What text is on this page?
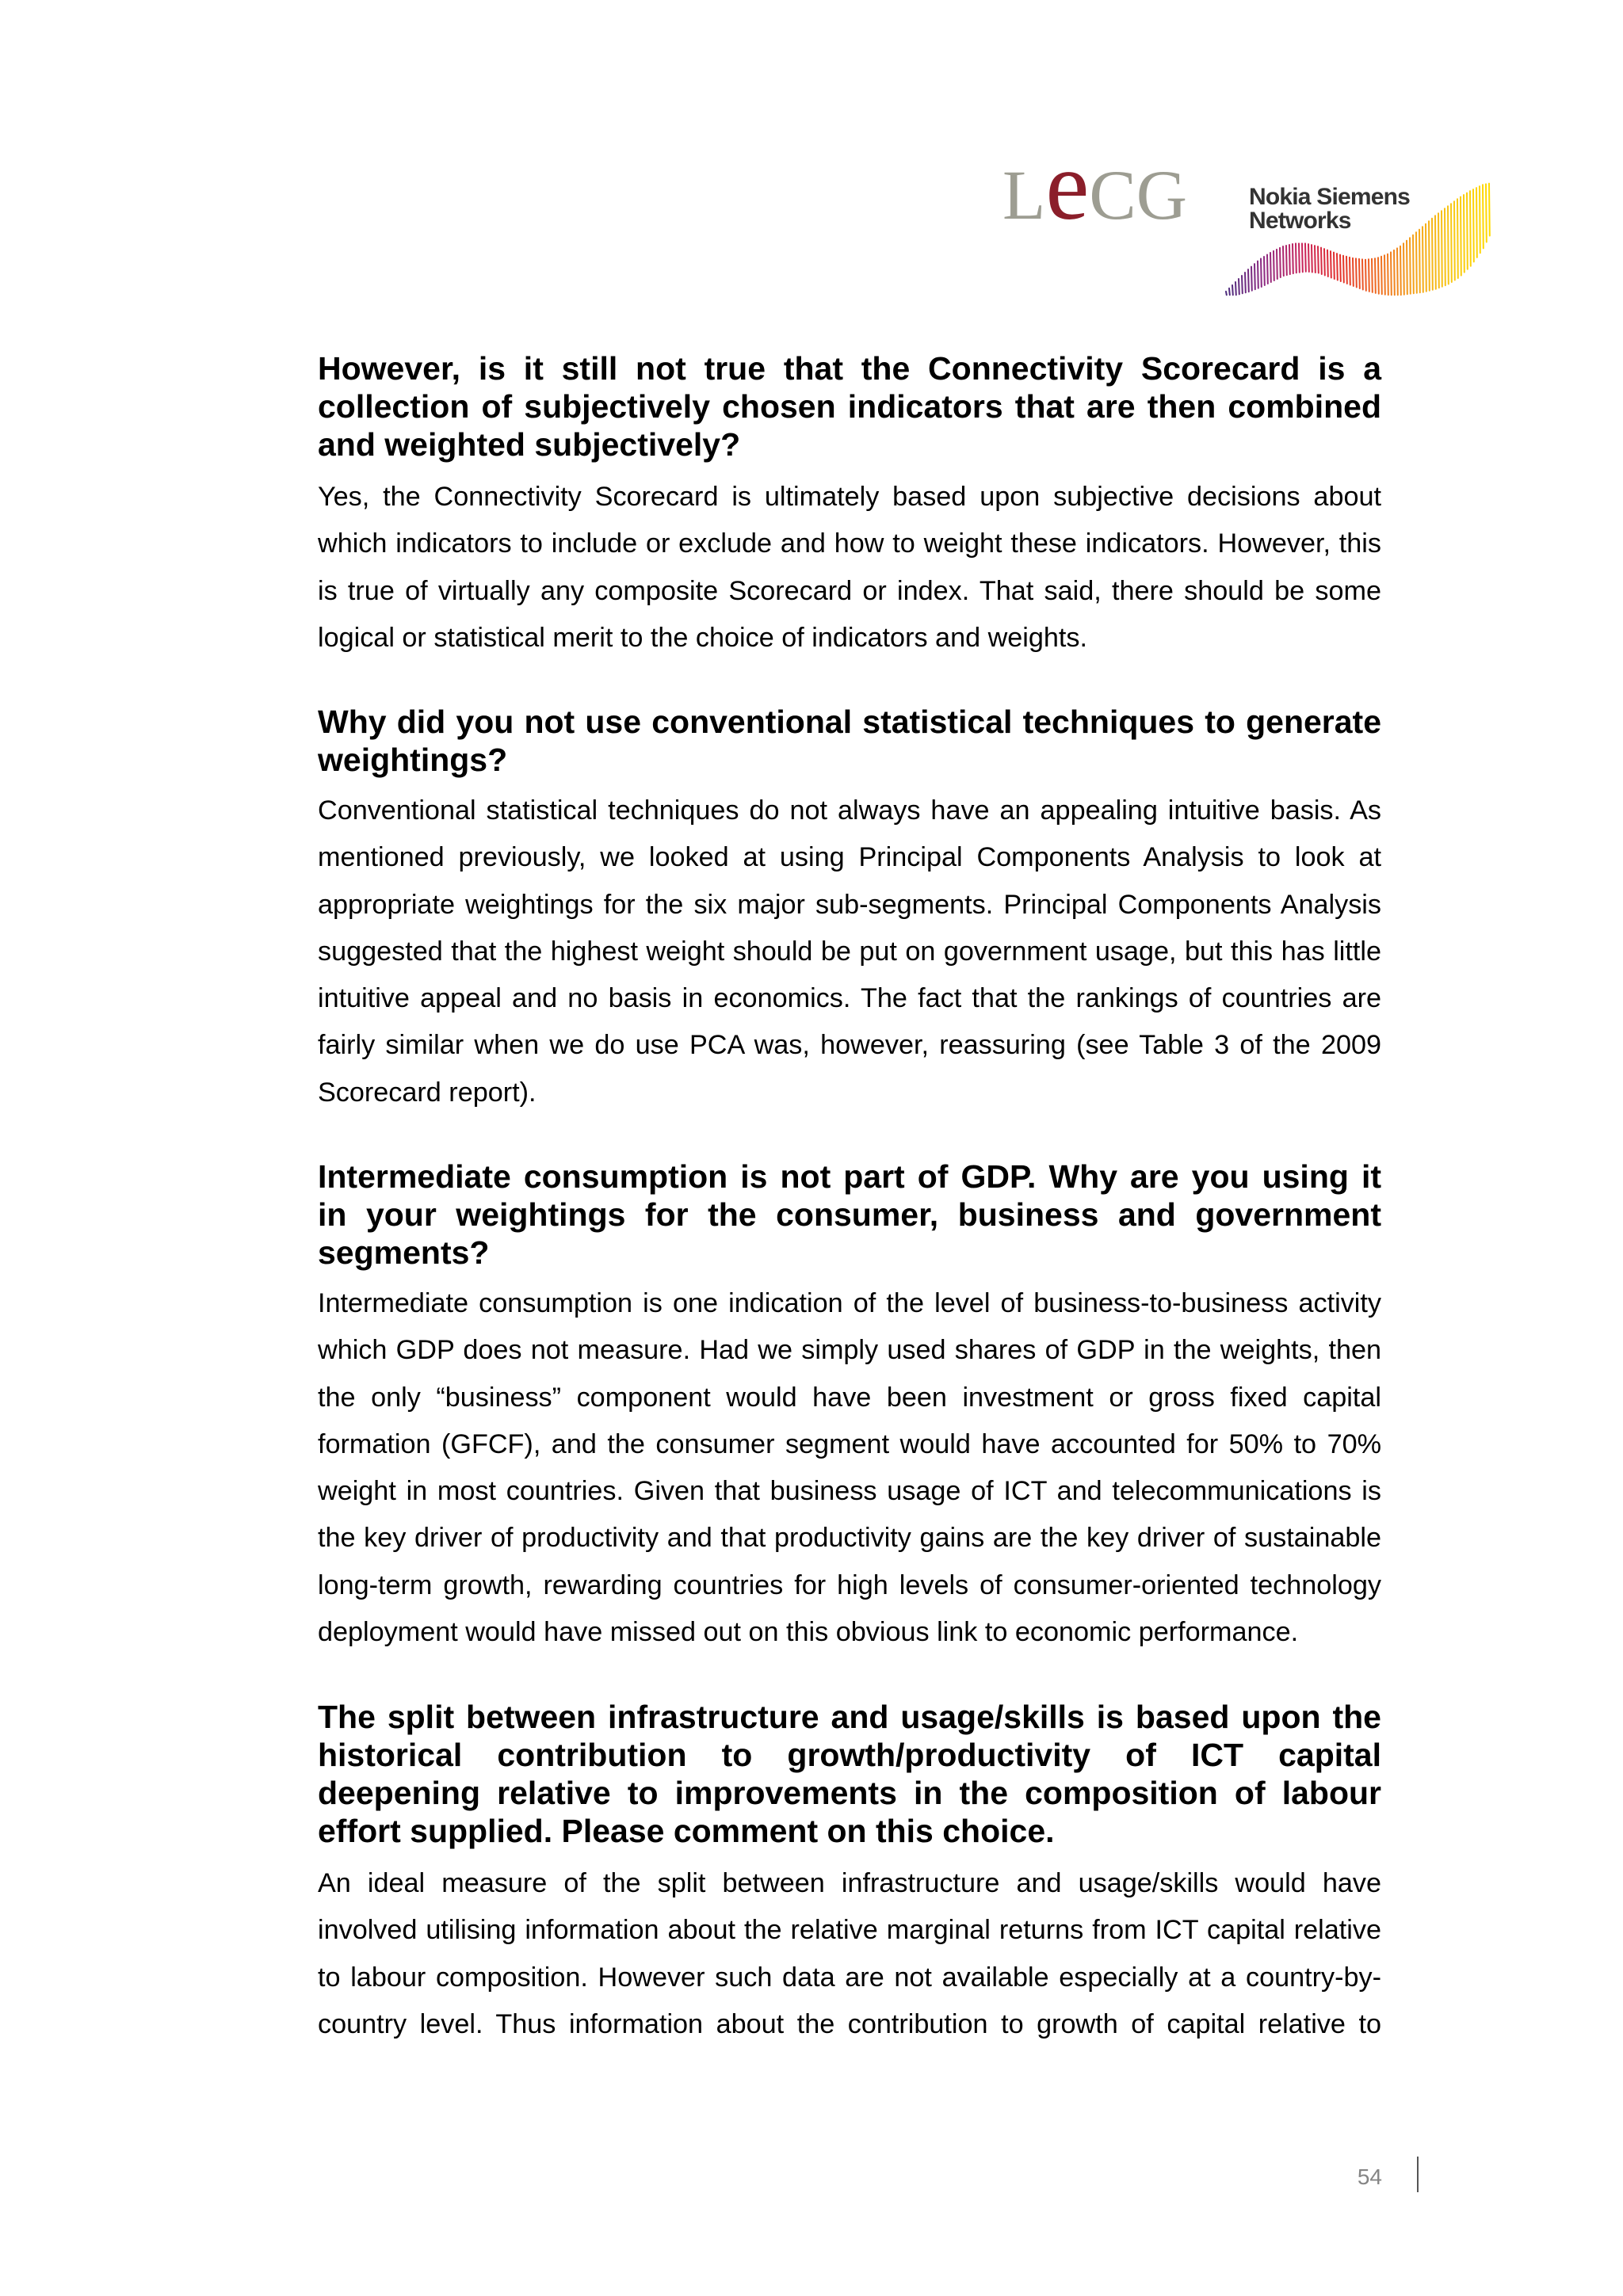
LeCG	Nokia Siemens
Networks
However, is it still not true that the Connectivity Scorecard is a
collection of subjectively chosen indicators that are then combined
and weighted subjectively?
Yes, the Connectivity Scorecard is ultimately based upon subjective decisions about
which indicators to include or exclude and how to weight these indicators. However, this
is true of virtually any composite Scorecard or index. That said, there should be some
logical or statistical merit to the choice of indicators and weights.
Why did you not use conventional statistical techniques to generate
weightings?
Conventional statistical techniques do not always have an appealing intuitive basis. As
mentioned previously, we looked at using Principal Components Analysis to look at
appropriate weightings for the six major sub-segments. Principal Components Analysis
suggested that the highest weight should be put on government usage, but this has little
intuitive appeal and no basis in economics. The fact that the rankings of countries are
fairly similar when we do use PCA was, however, reassuring (see Table 3 of the 2009
Scorecard report).
Intermediate consumption is not part of GDP. Why are you using it
in your weightings for the consumer, business and government
segments?
Intermediate consumption is one indication of the level of business-to-business activity
which GDP does not measure. Had we simply used shares of GDP in the weights, then
the only “business” component would have been investment or gross fixed capital
formation (GFCF), and the consumer segment would have accounted for 50% to 70%
weight in most countries. Given that business usage of ICT and telecommunications is
the key driver of productivity and that productivity gains are the key driver of sustainable
long-term growth, rewarding countries for high levels of consumer-oriented technology
deployment would have missed out on this obvious link to economic performance.
The split between infrastructure and usage/skills is based upon the
historical contribution to growth/productivity of ICT capital
deepening relative to improvements in the composition of labour
effort supplied. Please comment on this choice.
An ideal measure of the split between infrastructure and usage/skills would have
involved utilising information about the relative marginal returns from ICT capital relative
to labour composition. However such data are not available especially at a country-by-
country level. Thus information about the contribution to growth of capital relative to
54
